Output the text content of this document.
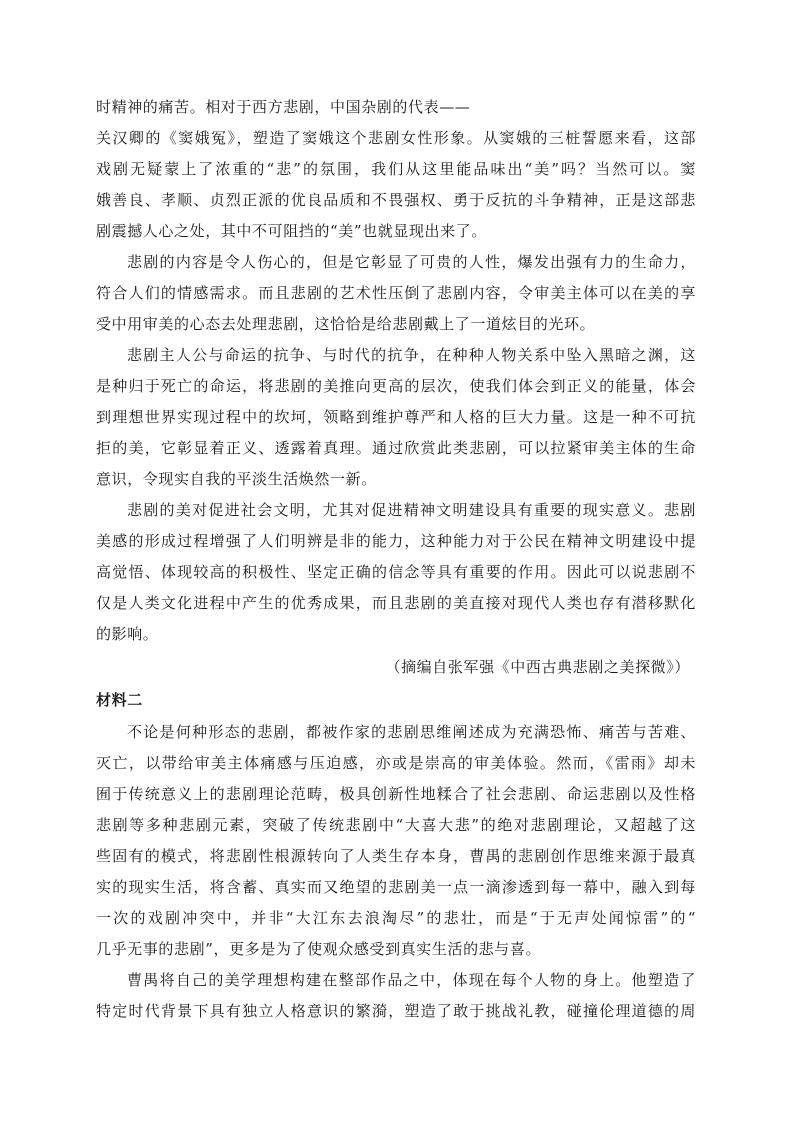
时精神的痛苦。相对于西方悲剧，中国杂剧的代表——
关汉卿的《窦娥冤》，塑造了窦娥这个悲剧女性形象。从窦娥的三桩誓愿来看，这部
戏剧无疑蒙上了浓重的“悲”的氛围，我们从这里能品味出“美”吗？当然可以。窦
娥善良、孝顺、贞烈正派的优良品质和不畏强权、勇于反抗的斗争精神，正是这部悲
剧震撼人心之处，其中不可阻挡的“美”也就显现出来了。
悲剧的内容是令人伤心的，但是它彰显了可贵的人性，爆发出强有力的生命力，
符合人们的情感需求。而且悲剧的艺术性压倒了悲剧内容，令审美主体可以在美的享
受中用审美的心态去处理悲剧，这恰恰是给悲剧戴上了一道炫目的光环。
悲剧主人公与命运的抗争、与时代的抗争，在种种人物关系中坠入黑暗之渊，这
是种归于死亡的命运，将悲剧的美推向更高的层次，使我们体会到正义的能量，体会
到理想世界实现过程中的坎坷，领略到维护尊严和人格的巨大力量。这是一种不可抗
拒的美，它彰显着正义、透露着真理。通过欣赏此类悲剧，可以拉紧审美主体的生命
意识，令现实自我的平淡生活焕然一新。
悲剧的美对促进社会文明，尤其对促进精神文明建设具有重要的现实意义。悲剧
美感的形成过程增强了人们明辨是非的能力，这种能力对于公民在精神文明建设中提
高觉悟、体现较高的积极性、坚定正确的信念等具有重要的作用。因此可以说悲剧不
仅是人类文化进程中产生的优秀成果，而且悲剧的美直接对现代人类也存有潜移默化
的影响。
（摘编自张军强《中西古典悲剧之美探微》）
材料二
不论是何种形态的悲剧，都被作家的悲剧思维阐述成为充满恐怖、痛苦与苦难、
灭亡，以带给审美主体痛感与压迫感，亦或是崇高的审美体验。然而，《雷雨》却未
囿于传统意义上的悲剧理论范畴，极具创新性地糅合了社会悲剧、命运悲剧以及性格
悲剧等多种悲剧元素，突破了传统悲剧中“大喜大悲”的绝对悲剧理论，又超越了这
些固有的模式，将悲剧性根源转向了人类生存本身，曹禺的悲剧创作思维来源于最真
实的现实生活，将含蓄、真实而又绝望的悲剧美一点一滴渗透到每一幕中，融入到每
一次的戏剧冲突中，并非“大江东去浪淘尽”的悲壮，而是“于无声处闻惊雷”的“
几乎无事的悲剧”，更多是为了使观众感受到真实生活的悲与喜。
曹禺将自己的美学理想构建在整部作品之中，体现在每个人物的身上。他塑造了
特定时代背景下具有独立人格意识的繁漪，塑造了敢于挑战礼教，碰撞伦理道德的周
